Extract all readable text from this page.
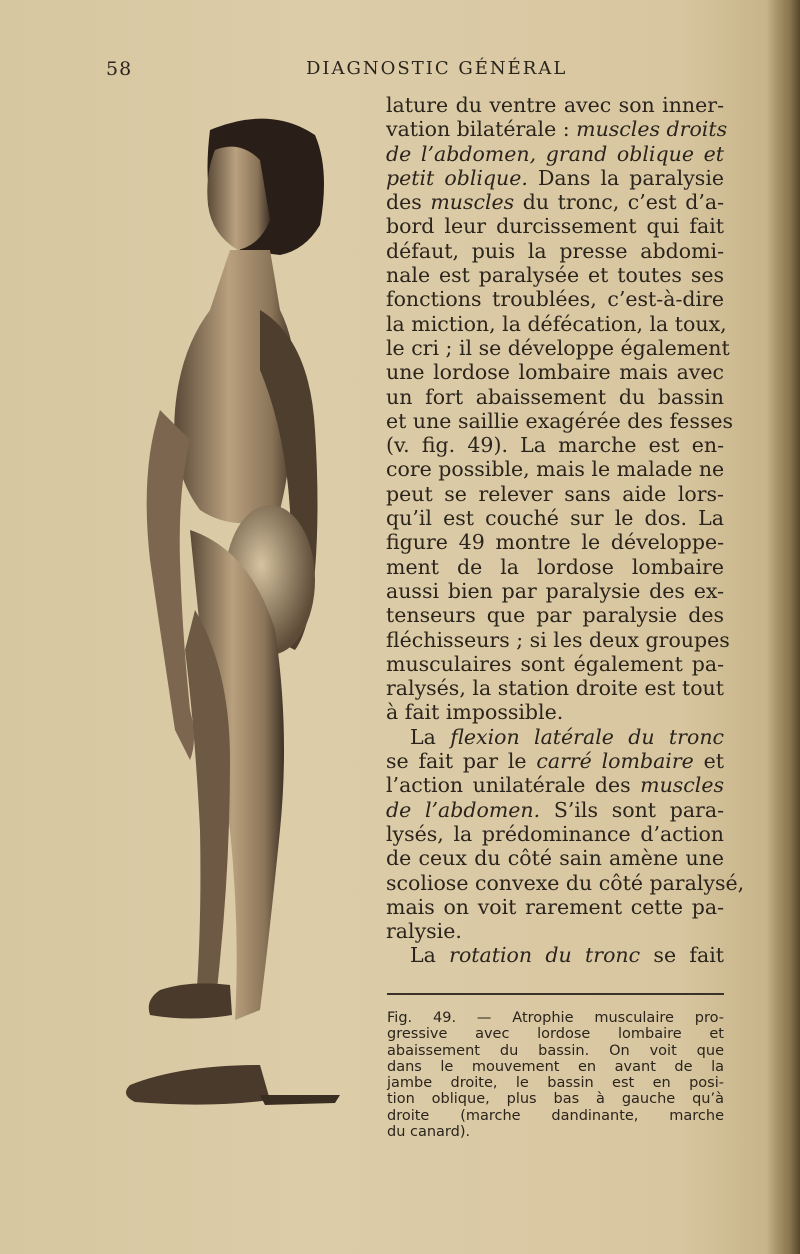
58	DIAGNOSTIC GÉNÉRAL
lature du ventre avec son inner-
vation bilatérale : muscles droits
de l’abdomen, grand oblique et
petit oblique. Dans la paralysie
des muscles du tronc, c’est d’a-
bord leur durcissement qui fait
défaut, puis la presse abdomi-
nale est paralysée et toutes ses
fonctions troublées, c’est-à-dire
la miction, la défécation, la toux,
le cri ; il se développe également
une lordose lombaire mais avec
un fort abaissement du bassin
et une saillie exagérée des fesses
(v. fig. 49). La marche est en-
core possible, mais le malade ne
peut se relever sans aide lors-
qu’il est couché sur le dos. La
figure 49 montre le développe-
ment de la lordose lombaire
aussi bien par paralysie des ex-
tenseurs que par paralysie des
fléchisseurs ; si les deux groupes
musculaires sont également pa-
ralysés, la station droite est tout
à fait impossible.
La flexion latérale du tronc
se fait par le carré lombaire et
l’action unilatérale des muscles
de l’abdomen. S’ils sont para-
lysés, la prédominance d’action
de ceux du côté sain amène une
scoliose convexe du côté paralysé,
mais on voit rarement cette pa-
ralysie.
La rotation du tronc se fait
Fig. 49. — Atrophie musculaire pro-
gressive avec lordose lombaire et
abaissement du bassin. On voit que
dans le mouvement en avant de la
jambe droite, le bassin est en posi-
tion oblique, plus bas à gauche qu’à
droite (marche dandinante, marche
du canard).
